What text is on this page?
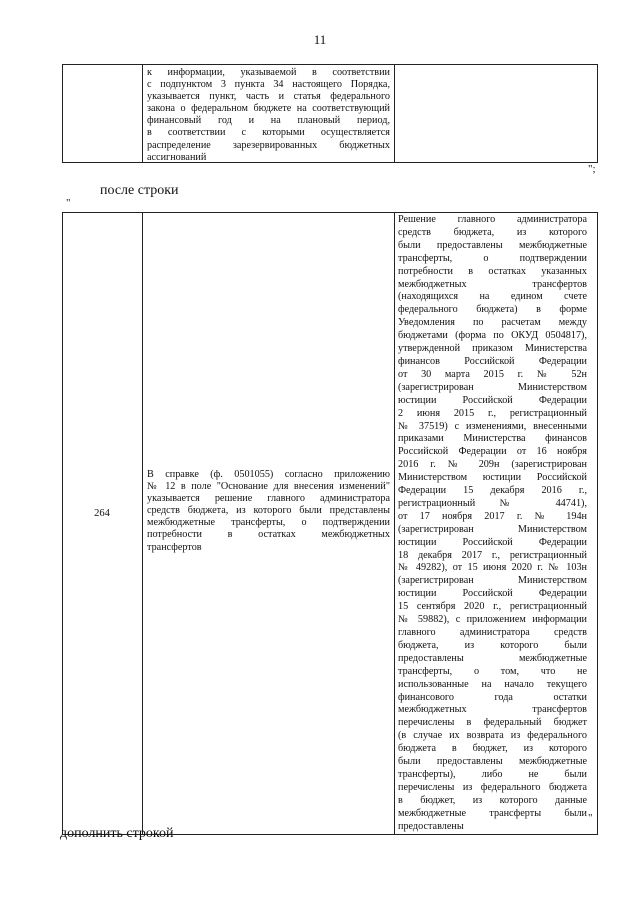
11
к информации, указываемой в соответствии
с подпунктом 3 пункта 34 настоящего Порядка,
указывается пункт, часть и статья федерального
закона о федеральном бюджете на соответствующий
финансовый год и на плановый период,
в соответствии с которыми осуществляется
распределение зарезервированных бюджетных
ассигнований
";
после строки
"
264
В справке (ф. 0501055) согласно приложению
№ 12 в поле "Основание для внесения изменений"
указывается решение главного администратора
средств бюджета, из которого были представлены
межбюджетные трансферты, о подтверждении
потребности в остатках межбюджетных
трансфертов
Решение главного администратора
средств бюджета, из которого
были предоставлены межбюджетные
трансферты, о подтверждении
потребности в остатках указанных
межбюджетных трансфертов
(находящихся на едином счете
федерального бюджета) в форме
Уведомления по расчетам между
бюджетами (форма по ОКУД 0504817),
утвержденной приказом Министерства
финансов Российской Федерации
от 30 марта 2015 г. № 52н
(зарегистрирован Министерством
юстиции Российской Федерации
2 июня 2015 г., регистрационный
№ 37519) с изменениями, внесенными
приказами Министерства финансов
Российской Федерации от 16 ноября
2016 г. № 209н (зарегистрирован
Министерством юстиции Российской
Федерации 15 декабря 2016 г.,
регистрационный № 44741),
от 17 ноября 2017 г. № 194н
(зарегистрирован Министерством
юстиции Российской Федерации
18 декабря 2017 г., регистрационный
№ 49282), от 15 июня 2020 г. № 103н
(зарегистрирован Министерством
юстиции Российской Федерации
15 сентября 2020 г., регистрационный
№ 59882), с приложением информации
главного администратора средств
бюджета, из которого были
предоставлены межбюджетные
трансферты, о том, что не
использованные на начало текущего
финансового года остатки
межбюджетных трансфертов
перечислены в федеральный бюджет
(в случае их возврата из федерального
бюджета в бюджет, из которого
были предоставлены межбюджетные
трансферты), либо не были
перечислены из федерального бюджета
в бюджет, из которого данные
межбюджетные трансферты были
предоставлены
"
дополнить строкой
